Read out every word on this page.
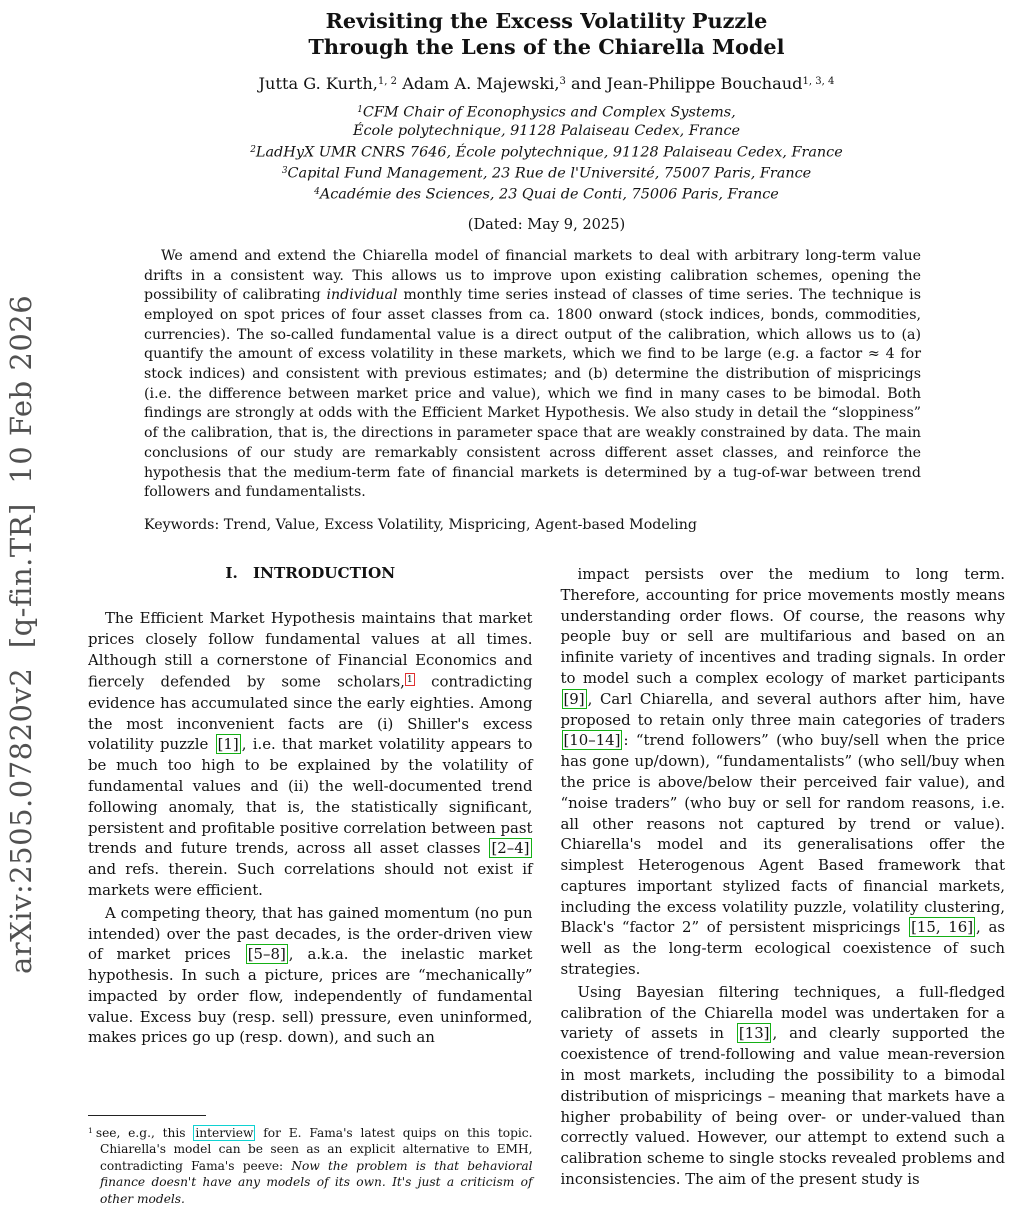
arXiv:2505.07820v2  [q-fin.TR]  10 Feb 2026
Revisiting the Excess Volatility Puzzle
Through the Lens of the Chiarella Model
Jutta G. Kurth,$^{1, 2}$ Adam A. Majewski,$^3$ and Jean-Philippe Bouchaud$^{1, 3, 4}$
$^1$CFM Chair of Econophysics and Complex Systems,
École polytechnique, 91128 Palaiseau Cedex, France
$^2$LadHyX UMR CNRS 7646, École polytechnique, 91128 Palaiseau Cedex, France
$^3$Capital Fund Management, 23 Rue de l'Université, 75007 Paris, France
$^4$Académie des Sciences, 23 Quai de Conti, 75006 Paris, France
(Dated: May 9, 2025)
We amend and extend the Chiarella model of financial markets to deal with arbitrary long-term value drifts in a consistent way. This allows us to improve upon existing calibration schemes, opening the possibility of calibrating individual monthly time series instead of classes of time series. The technique is employed on spot prices of four asset classes from ca. 1800 onward (stock indices, bonds, commodities, currencies). The so-called fundamental value is a direct output of the calibration, which allows us to (a) quantify the amount of excess volatility in these markets, which we find to be large (e.g. a factor ≈ 4 for stock indices) and consistent with previous estimates; and (b) determine the distribution of mispricings (i.e. the difference between market price and value), which we find in many cases to be bimodal. Both findings are strongly at odds with the Efficient Market Hypothesis. We also study in detail the “sloppiness” of the calibration, that is, the directions in parameter space that are weakly constrained by data. The main conclusions of our study are remarkably consistent across different asset classes, and reinforce the hypothesis that the medium-term fate of financial markets is determined by a tug-of-war between trend followers and fundamentalists.
Keywords: Trend, Value, Excess Volatility, Mispricing, Agent-based Modeling
I.  INTRODUCTION

The Efficient Market Hypothesis maintains that market prices closely follow fundamental values at all times. Although still a cornerstone of Financial Economics and fiercely defended by some scholars, $^1$ contradicting evidence has accumulated since the early eighties. Among the most inconvenient facts are (i) Shiller's excess volatility puzzle [1] , i.e. that market volatility appears to be much too high to be explained by the volatility of fundamental values and (ii) the well-documented trend following anomaly, that is, the statistically significant, persistent and profitable positive correlation between past trends and future trends, across all asset classes [2–4] and refs. therein. Such correlations should not exist if markets were efficient.

A competing theory, that has gained momentum (no pun intended) over the past decades, is the order-driven view of market prices [5–8] , a.k.a. the inelastic market hypothesis. In such a picture, prices are “mechanically” impacted by order flow, independently of fundamental value. Excess buy (resp. sell) pressure, even uninformed, makes prices go up (resp. down), and such an

$^1$ see, e.g., this interview for E. Fama's latest quips on this topic. Chiarella's model can be seen as an explicit alternative to EMH, contradicting Fama's peeve: Now the problem is that behavioral finance doesn't have any models of its own. It's just a criticism of other models.

impact persists over the medium to long term. Therefore, accounting for price movements mostly means understanding order flows. Of course, the reasons why people buy or sell are multifarious and based on an infinite variety of incentives and trading signals. In order to model such a complex ecology of market participants [9] , Carl Chiarella, and several authors after him, have proposed to retain only three main categories of traders [10–14] : “trend followers” (who buy/sell when the price has gone up/down), “fundamentalists” (who sell/buy when the price is above/below their perceived fair value), and “noise traders” (who buy or sell for random reasons, i.e. all other reasons not captured by trend or value). Chiarella's model and its generalisations offer the simplest Heterogenous Agent Based framework that captures important stylized facts of financial markets, including the excess volatility puzzle, volatility clustering, Black's “factor 2” of persistent mispricings [15, 16] , as well as the long-term ecological coexistence of such strategies.

Using Bayesian filtering techniques, a full-fledged calibration of the Chiarella model was undertaken for a variety of assets in [13] , and clearly supported the coexistence of trend-following and value mean-reversion in most markets, including the possibility to a bimodal distribution of mispricings – meaning that markets have a higher probability of being over- or under-valued than correctly valued. However, our attempt to extend such a calibration scheme to single stocks revealed problems and inconsistencies. The aim of the present study is
